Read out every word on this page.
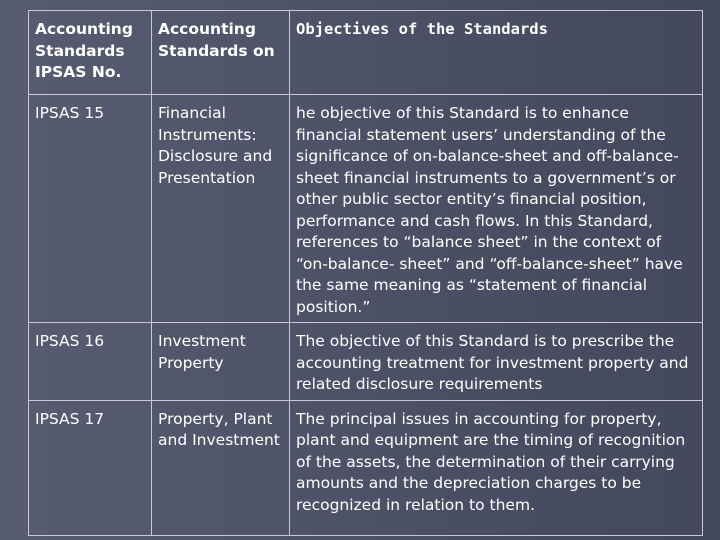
Accounting Standards IPSAS No.	Accounting Standards on	Objectives of the Standards
IPSAS 15	Financial Instruments: Disclosure and Presentation	he objective of this Standard is to enhance financial statement users’ understanding of the significance of on-balance-sheet and off-balance-sheet financial instruments to a government’s or other public sector entity’s financial position, performance and cash flows. In this Standard, references to “balance sheet” in the context of “on-balance- sheet” and “off-balance-sheet” have the same meaning as “statement of financial position.”
IPSAS 16	Investment Property	The objective of this Standard is to prescribe the accounting treatment for investment property and related disclosure requirements
IPSAS 17	Property, Plant and Investment	The principal issues in accounting for property, plant and equipment are the timing of recognition of the assets, the determination of their carrying amounts and the depreciation charges to be recognized in relation to them.
